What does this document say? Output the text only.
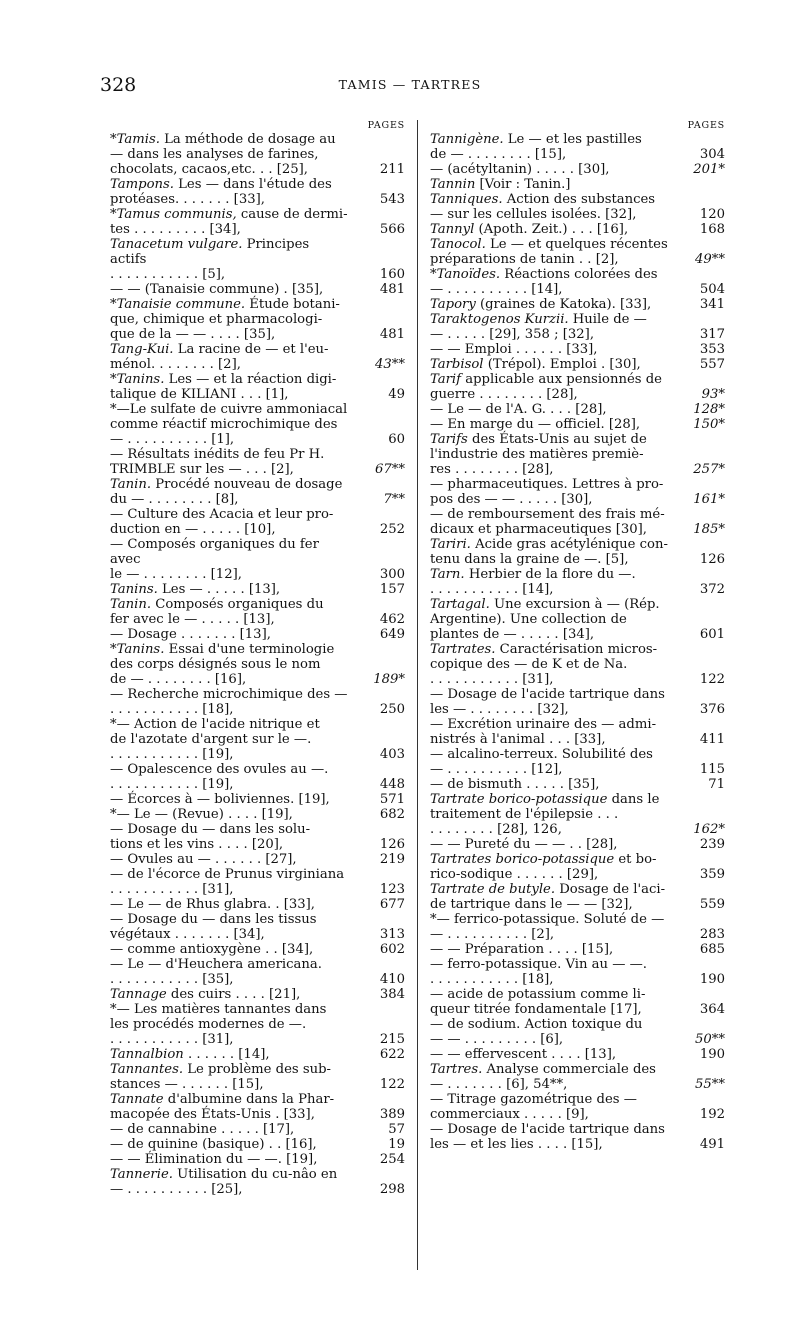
328	TAMIS — TARTRES
PAGES
*Tamis. La méthode de dosage au
— dans les analyses de farines,
chocolats, cacaos,etc. . . [25],	211
Tampons. Les — dans l'étude des
protéases. . . . . . . [33],	543
*Tamus communis, cause de dermi-
tes . . . . . . . . . [34],	566
Tanacetum vulgare. Principes actifs
. . . . . . . . . . . [5],	160
— — (Tanaisie commune) . [35],	481
*Tanaisie commune. Étude botani-
que, chimique et pharmacologi-
que de la — — . . . . [35],	481
Tang-Kui. La racine de — et l'eu-
ménol. . . . . . . . [2],	43**
*Tanins. Les — et la réaction digi-
talique de KILIANI . . . [1],	49
*—Le sulfate de cuivre ammoniacal
comme réactif microchimique des
— . . . . . . . . . . [1],	60
— Résultats inédits de feu Pr H.
TRIMBLE sur les — . . . [2],	67**
Tanin. Procédé nouveau de dosage
du — . . . . . . . . [8],	7**
— Culture des Acacia et leur pro-
duction en — . . . . . [10],	252
— Composés organiques du fer avec
le — . . . . . . . . [12],	300
Tanins. Les — . . . . . [13],	157
Tanin. Composés organiques du
fer avec le — . . . . . [13],	462
— Dosage . . . . . . . [13],	649
*Tanins. Essai d'une terminologie
des corps désignés sous le nom
de — . . . . . . . . [16],	189*
— Recherche microchimique des —
. . . . . . . . . . . [18],	250
*— Action de l'acide nitrique et
de l'azotate d'argent sur le —.
. . . . . . . . . . . [19],	403
— Opalescence des ovules au —.
. . . . . . . . . . . [19],	448
— Écorces à — boliviennes. [19],	571
*— Le — (Revue) . . . . [19],	682
— Dosage du — dans les solu-
tions et les vins . . . . [20],	126
— Ovules au — . . . . . . [27],	219
— de l'écorce de Prunus virginiana
. . . . . . . . . . . [31],	123
— Le — de Rhus glabra. . [33],	677
— Dosage du — dans les tissus
végétaux . . . . . . . [34],	313
— comme antioxygène . . [34],	602
— Le — d'Heuchera americana.
. . . . . . . . . . . [35],	410
Tannage des cuirs . . . . [21],	384
*— Les matières tannantes dans
les procédés modernes de —.
. . . . . . . . . . . [31],	215
Tannalbion . . . . . . [14],	622
Tannantes. Le problème des sub-
stances — . . . . . . [15],	122
Tannate d'albumine dans la Phar-
macopée des États-Unis . [33],	389
— de cannabine . . . . . [17],	57
— de quinine (basique) . . [16],	19
— — Élimination du — —. [19],	254
Tannerie. Utilisation du cu-nâo en
— . . . . . . . . . . [25],	298
PAGES
Tannigène. Le — et les pastilles
de — . . . . . . . . [15],	304
— (acétyltanin) . . . . . [30],	201*
Tannin [Voir : Tanin.]
Tanniques. Action des substances
— sur les cellules isolées. [32],	120
Tannyl (Apoth. Zeit.) . . . [16],	168
Tanocol. Le — et quelques récentes
préparations de tanin . . [2],	49**
*Tanoïdes. Réactions colorées des
— . . . . . . . . . . [14],	504
Tapory (graines de Katoka). [33],	341
Taraktogenos Kurzii. Huile de —
— . . . . . [29], 358 ; [32],	317
— — Emploi . . . . . . [33],	353
Tarbisol (Trépol). Emploi . [30],	557
Tarif applicable aux pensionnés de
guerre . . . . . . . . [28],	93*
— Le — de l'A. G. . . . [28],	128*
— En marge du — officiel. [28],	150*
Tarifs des États-Unis au sujet de
l'industrie des matières premiè-
res . . . . . . . . [28],	257*
— pharmaceutiques. Lettres à pro-
pos des — — . . . . . [30],	161*
— de remboursement des frais mé-
dicaux et pharmaceutiques [30],	185*
Tariri. Acide gras acétylénique con-
tenu dans la graine de —. [5],	126
Tarn. Herbier de la flore du —.
. . . . . . . . . . . [14],	372
Tartagal. Une excursion à — (Rép.
Argentine). Une collection de
plantes de — . . . . . [34],	601
Tartrates. Caractérisation micros-
copique des — de K et de Na.
. . . . . . . . . . . [31],	122
— Dosage de l'acide tartrique dans
les — . . . . . . . . [32],	376
— Excrétion urinaire des — admi-
nistrés à l'animal . . . [33],	411
— alcalino-terreux. Solubilité des
— . . . . . . . . . . [12],	115
— de bismuth . . . . . [35],	71
Tartrate borico-potassique dans le
traitement de l'épilepsie . . .
. . . . . . . . [28], 126,	162*
— — Pureté du — — . . [28],	239
Tartrates borico-potassique et bo-
rico-sodique . . . . . . [29],	359
Tartrate de butyle. Dosage de l'aci-
de tartrique dans le — — [32],	559
*— ferrico-potassique. Soluté de —
— . . . . . . . . . . [2],	283
— — Préparation . . . . [15],	685
— ferro-potassique. Vin au — —.
. . . . . . . . . . . [18],	190
— acide de potassium comme li-
queur titrée fondamentale [17],	364
— de sodium. Action toxique du
— — . . . . . . . . . [6],	50**
— — effervescent . . . . [13],	190
Tartres. Analyse commerciale des
— . . . . . . . [6], 54**,	55**
— Titrage gazométrique des —
commerciaux . . . . . [9],	192
— Dosage de l'acide tartrique dans
les — et les lies . . . . [15],	491
